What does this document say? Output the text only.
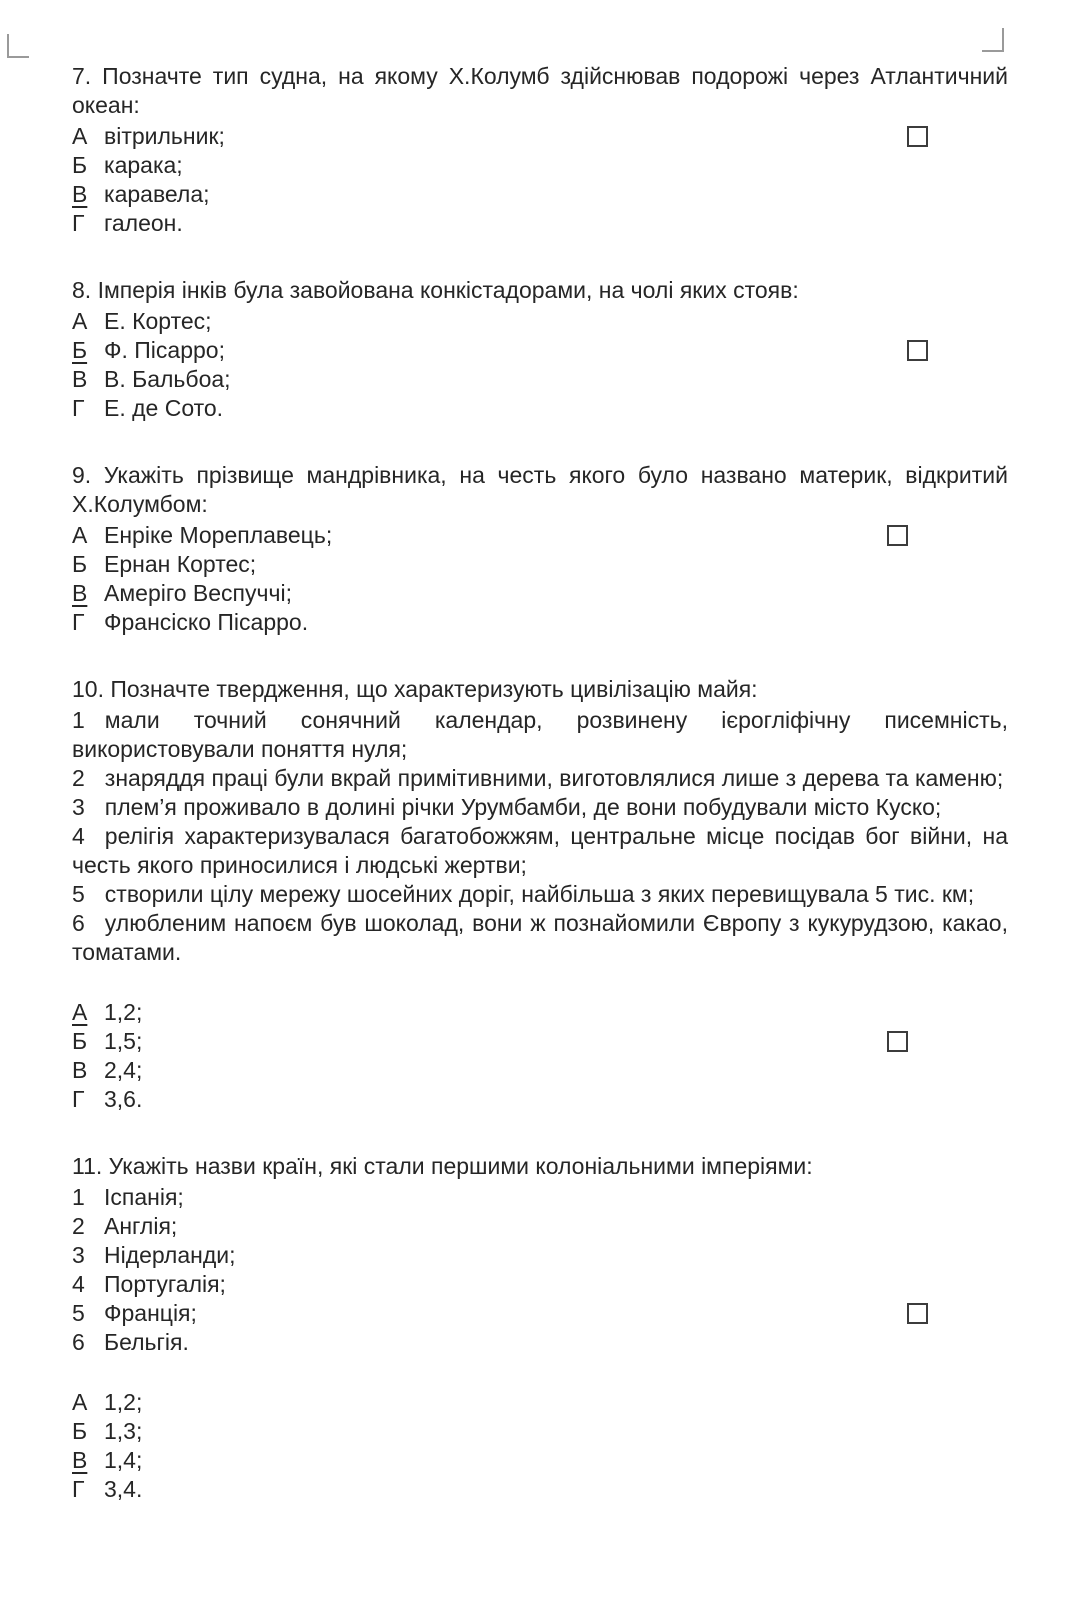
7. Позначте тип судна, на якому Х.Колумб здійснював подорожі через Атлантичний океан:

А вітрильник;
Б карака;
В каравела;
Г галеон.

8. Імперія інків була завойована конкістадорами, на чолі яких стояв:

А Е. Кортес;
Б Ф. Пісарро;
В В. Бальбоа;
Г Е. де Сото.

9. Укажіть прізвище мандрівника, на честь якого було названо материк, відкритий Х.Колумбом:

А Енріке Мореплавець;
Б Ернан Кортес;
В Амеріго Веспуччі;
Г Франсіско Пісарро.

10. Позначте твердження, що характеризують цивілізацію майя:

1 мали точний сонячний календар, розвинену ієрогліфічну писемність, використовували поняття нуля;

2 знаряддя праці були вкрай примітивними, виготовлялися лише з дерева та каменю;

3 плем’я проживало в долині річки Урумбамби, де вони побудували місто Куско;

4 релігія характеризувалася багатобожжям, центральне місце посідав бог війни, на честь якого приносилися і людські жертви;

5 створили цілу мережу шосейних доріг, найбільша з яких перевищувала 5 тис. км;

6 улюбленим напоєм був шоколад, вони ж познайомили Європу з кукурудзою, какао, томатами.

А 1,2;
Б 1,5;
В 2,4;
Г 3,6.

11. Укажіть назви країн, які стали першими колоніальними імперіями:

1 Іспанія;
2 Англія;
3 Нідерланди;
4 Португалія;
5 Франція;
6 Бельгія.
А 1,2;
Б 1,3;
В 1,4;
Г 3,4.
